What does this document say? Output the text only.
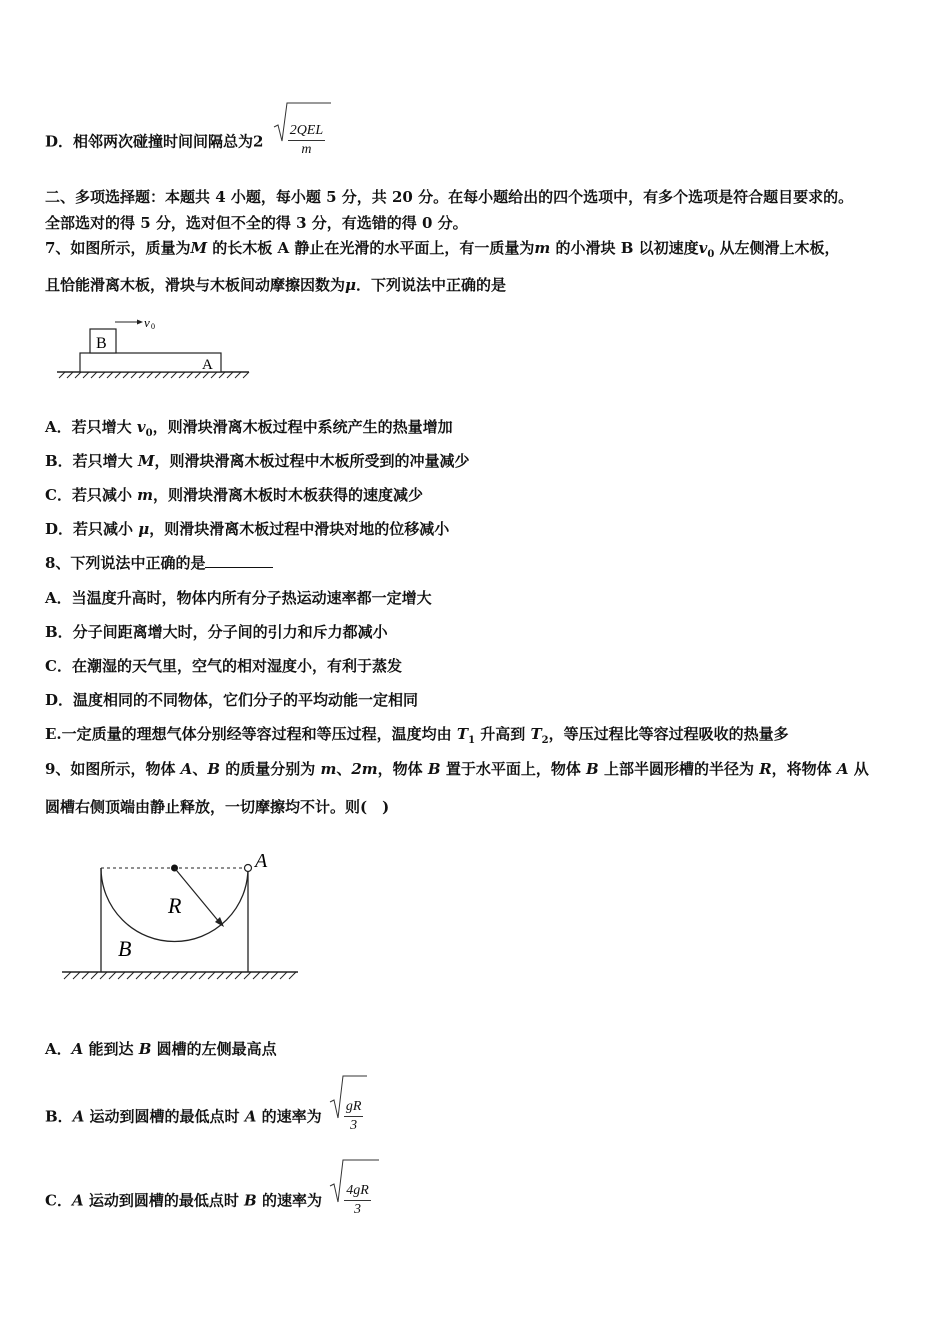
D．相邻两次碰撞时间间隔总为$2 \frac{\text{2QEL}}{m}$
二、多项选择题：本题共 4 小题，每小题 5 分，共 20 分。在每小题给出的四个选项中，有多个选项是符合题目要求的。
全部选对的得 5 分，选对但不全的得 3 分，有选错的得 0 分。
7、如图所示，质量为M 的长木板 A 静止在光滑的水平面上，有一质量为m 的小滑块 B 以初速度$v_0$ 从左侧滑上木板，
且恰能滑离木板，滑块与木板间动摩擦因数为μ．下列说法中正确的是
B
A
v 0
A．若只增大 $v_0$，则滑块滑离木板过程中系统产生的热量增加
B．若只增大 M，则滑块滑离木板过程中木板所受到的冲量减少
C．若只减小 m，则滑块滑离木板时木板获得的速度减少
D．若只减小 μ，则滑块滑离木板过程中滑块对地的位移减小
8、下列说法中正确的是
A．当温度升高时，物体内所有分子热运动速率都一定增大
B．分子间距离增大时，分子间的引力和斥力都减小
C．在潮湿的天气里，空气的相对湿度小，有利于蒸发
D．温度相同的不同物体，它们分子的平均动能一定相同
E.一定质量的理想气体分别经等容过程和等压过程，温度均由 $T_1$ 升高到 $T_2$，等压过程比等容过程吸收的热量多
9、如图所示，物体 A、B 的质量分别为 m、2m，物体 B 置于水平面上，物体 B 上部半圆形槽的半径为 R，将物体 A 从
圆槽右侧顶端由静止释放，一切摩擦均不计。则(　)
A
R
B
A．A 能到达 B 圆槽的左侧最高点
B．A 运动到圆槽的最低点时 A 的速率为 $\frac{gR}{3}$
C．A 运动到圆槽的最低点时 B 的速率为 $\frac{4gR}{3}$
